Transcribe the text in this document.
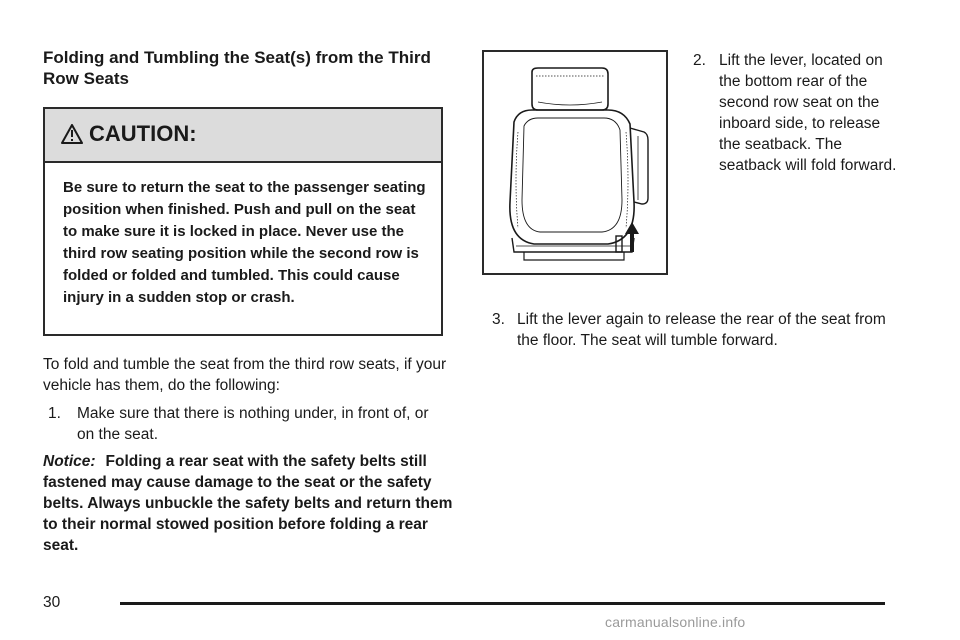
Folding and Tumbling the Seat(s) from the Third Row Seats
CAUTION:
Be sure to return the seat to the passenger seating position when finished. Push and pull on the seat to make sure it is locked in place. Never use the third row seating position while the second row is folded or folded and tumbled. This could cause injury in a sudden stop or crash.
To fold and tumble the seat from the third row seats, if your vehicle has them, do the following:
1. Make sure that there is nothing under, in front of, or on the seat.
Notice: Folding a rear seat with the safety belts still fastened may cause damage to the seat or the safety belts. Always unbuckle the safety belts and return them to their normal stowed position before folding a rear seat.
2. Lift the lever, located on the bottom rear of the second row seat on the inboard side, to release the seatback. The seatback will fold forward.
3. Lift the lever again to release the rear of the seat from the floor. The seat will tumble forward.
30
carmanualsonline.info
